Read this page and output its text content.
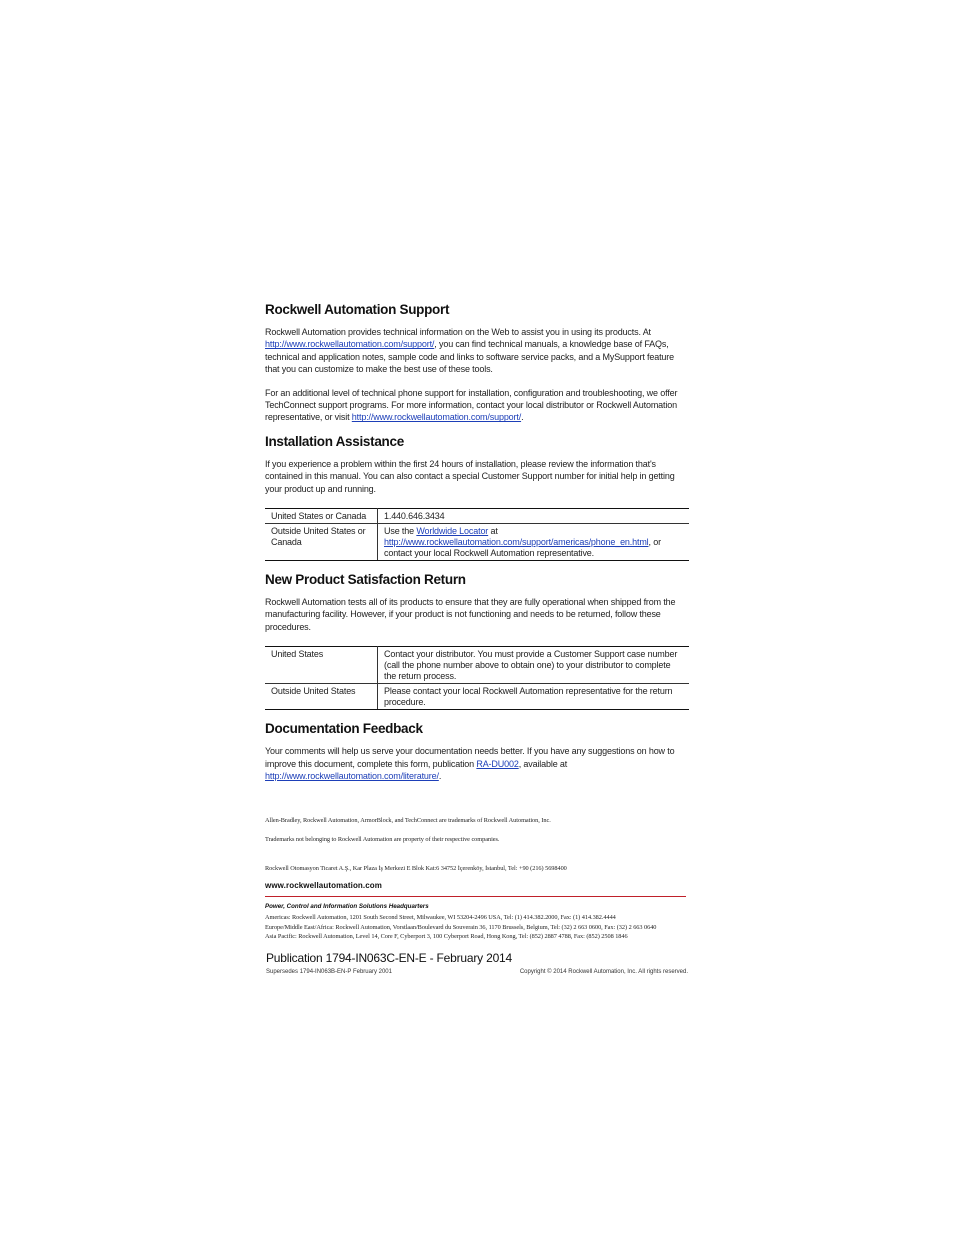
Rockwell Automation Support

Rockwell Automation provides technical information on the Web to assist you in using its products. At http://www.rockwellautomation.com/support/, you can find technical manuals, a knowledge base of FAQs, technical and application notes, sample code and links to software service packs, and a MySupport feature that you can customize to make the best use of these tools.

For an additional level of technical phone support for installation, configuration and troubleshooting, we offer TechConnect support programs. For more information, contact your local distributor or Rockwell Automation representative, or visit http://www.rockwellautomation.com/support/.

Installation Assistance

If you experience a problem within the first 24 hours of installation, please review the information that's contained in this manual. You can also contact a special Customer Support number for initial help in getting your product up and running.

United States or Canada	1.440.646.3434
Outside United States or Canada	Use the Worldwide Locator at
http://www.rockwellautomation.com/support/americas/phone_en.html, or contact your local Rockwell Automation representative.
New Product Satisfaction Return

Rockwell Automation tests all of its products to ensure that they are fully operational when shipped from the manufacturing facility. However, if your product is not functioning and needs to be returned, follow these procedures.

United States	Contact your distributor. You must provide a Customer Support case number (call the phone number above to obtain one) to your distributor to complete the return process.
Outside United States	Please contact your local Rockwell Automation representative for the return procedure.
Documentation Feedback

Your comments will help us serve your documentation needs better. If you have any suggestions on how to improve this document, complete this form, publication RA-DU002, available at
http://www.rockwellautomation.com/literature/.

Allen-Bradley, Rockwell Automation, ArmorBlock, and TechConnect are trademarks of Rockwell Automation, Inc.
Trademarks not belonging to Rockwell Automation are property of their respective companies.
Rockwell Otomasyon Ticaret A.Ş., Kar Plaza İş Merkezi E Blok Kat:6 34752 İçerenköy, İstanbul, Tel: +90 (216) 5698400
www.rockwellautomation.com
Power, Control and Information Solutions Headquarters
Americas: Rockwell Automation, 1201 South Second Street, Milwaukee, WI 53204-2496 USA, Tel: (1) 414.382.2000, Fax: (1) 414.382.4444
Europe/Middle East/Africa: Rockwell Automation, Vorstlaan/Boulevard du Souverain 36, 1170 Brussels, Belgium, Tel: (32) 2 663 0600, Fax: (32) 2 663 0640
Asia Pacific: Rockwell Automation, Level 14, Core F, Cyberport 3, 100 Cyberport Road, Hong Kong, Tel: (852) 2887 4788, Fax: (852) 2508 1846
Publication 1794-IN063C-EN-E - February 2014
Supersedes 1794-IN063B-EN-P February 2001	Copyright © 2014 Rockwell Automation, Inc. All rights reserved.
